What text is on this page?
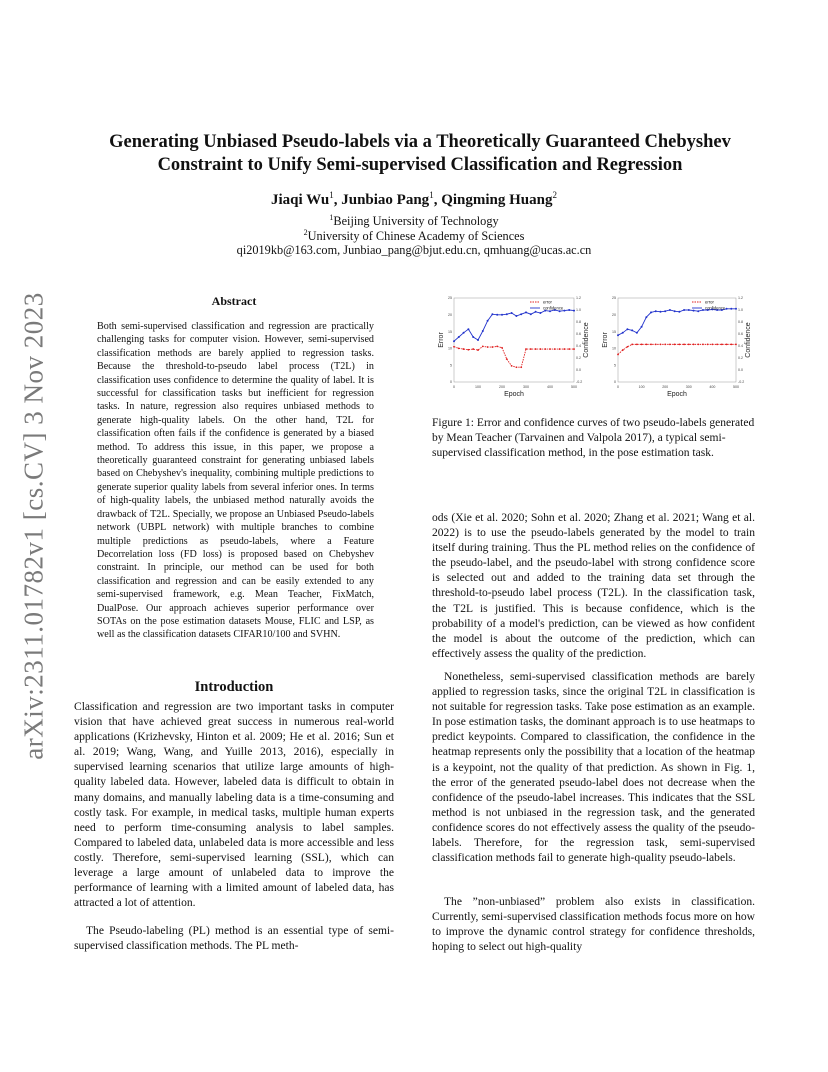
arXiv:2311.01782v1 [cs.CV] 3 Nov 2023
Generating Unbiased Pseudo-labels via a Theoretically Guaranteed Chebyshev
Constraint to Unify Semi-supervised Classification and Regression
Jiaqi Wu$^1$, Junbiao Pang$^1$, Qingming Huang$^2$
$^1$Beijing University of Technology
$^2$University of Chinese Academy of Sciences
qi2019kb@163.com, Junbiao_pang@bjut.edu.cn, qmhuang@ucas.ac.cn
Abstract

Both semi-supervised classification and regression are practically challenging tasks for computer vision. However, semi-supervised classification methods are barely applied to regression tasks. Because the threshold-to-pseudo label process (T2L) in classification uses confidence to determine the quality of label. It is successful for classification tasks but inefficient for regression tasks. In nature, regression also requires unbiased methods to generate high-quality labels. On the other hand, T2L for classification often fails if the confidence is generated by a biased method. To address this issue, in this paper, we propose a theoretically guaranteed constraint for generating unbiased labels based on Chebyshev's inequality, combining multiple predictions to generate superior quality labels from several inferior ones. In terms of high-quality labels, the unbiased method naturally avoids the drawback of T2L. Specially, we propose an Unbiased Pseudo-labels network (UBPL network) with multiple branches to combine multiple predictions as pseudo-labels, where a Feature Decorrelation loss (FD loss) is proposed based on Chebyshev constraint. In principle, our method can be used for both classification and regression and can be easily extended to any semi-supervised framework, e.g. Mean Teacher, FixMatch, DualPose. Our approach achieves superior performance over SOTAs on the pose estimation datasets Mouse, FLIC and LSP, as well as the classification datasets CIFAR10/100 and SVHN.

Introduction

Classification and regression are two important tasks in computer vision that have achieved great success in numerous real-world applications (Krizhevsky, Hinton et al. 2009; He et al. 2016; Sun et al. 2019; Wang, Wang, and Yuille 2013, 2016), especially in supervised learning scenarios that utilize large amounts of high-quality labeled data. However, labeled data is difficult to obtain in many domains, and manually labeling data is a time-consuming and costly task. For example, in medical tasks, multiple human experts need to perform time-consuming analysis to label samples. Compared to labeled data, unlabeled data is more accessible and less costly. Therefore, semi-supervised learning (SSL), which can leverage a large amount of unlabeled data to improve the performance of learning with a limited amount of labeled data, has attracted a lot of attention.

The Pseudo-labeling (PL) method is an essential type of semi-supervised classification methods. The PL meth-

0	100	200	300	400	500
0
5
10
15
20
25
-0.2
0.0
0.2
0.4
0.6
0.8
1.0
1.2
Epoch
Error	Confidence
error
confidence
0	100	200	300	400	500
0
5
10
15
20
25
-0.2
0.0
0.2
0.4
0.6
0.8
1.0
1.2
Epoch
Error	Confidence
error
confidence

Figure 1: Error and confidence curves of two pseudo-labels generated by Mean Teacher (Tarvainen and Valpola 2017), a typical semi-supervised classification method, in the pose estimation task.

ods (Xie et al. 2020; Sohn et al. 2020; Zhang et al. 2021; Wang et al. 2022) is to use the pseudo-labels generated by the model to train itself during training. Thus the PL method relies on the confidence of the pseudo-label, and the pseudo-label with strong confidence score is selected out and added to the training data set through the threshold-to-pseudo label process (T2L). In the classification task, the T2L is justified. This is because confidence, which is the probability of a model's prediction, can be viewed as how confident the model is about the outcome of the prediction, which can effectively assess the quality of the prediction.

Nonetheless, semi-supervised classification methods are barely applied to regression tasks, since the original T2L in classification is not suitable for regression tasks. Take pose estimation as an example. In pose estimation tasks, the dominant approach is to use heatmaps to predict keypoints. Compared to classification, the confidence in the heatmap represents only the possibility that a location of the heatmap is a keypoint, not the quality of that prediction. As shown in Fig. 1, the error of the generated pseudo-label does not decrease when the confidence of the pseudo-label increases. This indicates that the SSL method is not unbiased in the regression task, and the generated confidence scores do not effectively assess the quality of the pseudo-labels. Therefore, for the regression task, semi-supervised classification methods fail to generate high-quality pseudo-labels.

The ”non-unbiased” problem also exists in classification. Currently, semi-supervised classification methods focus more on how to improve the dynamic control strategy for confidence thresholds, hoping to select out high-quality
